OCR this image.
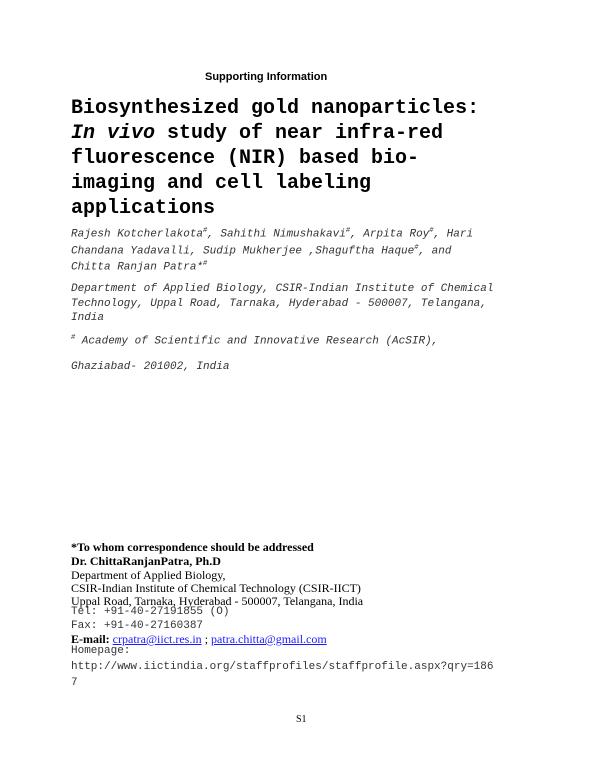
Supporting Information
Biosynthesized gold nanoparticles:
In vivo study of near infra-red
fluorescence (NIR) based bio-
imaging and cell labeling
applications
Rajesh Kotcherlakota#, Sahithi Nimushakavi#, Arpita Roy#, Hari
Chandana Yadavalli, Sudip Mukherjee ,Shaguftha Haque#, and
Chitta Ranjan Patra*#
Department of Applied Biology, CSIR-Indian Institute of Chemical
Technology, Uppal Road, Tarnaka, Hyderabad - 500007, Telangana,
India
# Academy of Scientific and Innovative Research (AcSIR),
Ghaziabad- 201002, India
*To whom correspondence should be addressed
Dr. ChittaRanjanPatra, Ph.D
Department of Applied Biology,
CSIR-Indian Institute of Chemical Technology (CSIR-IICT)
Uppal Road, Tarnaka, Hyderabad - 500007, Telangana, India
Tel: +91-40-27191855 (O)
Fax: +91-40-27160387
E-mail: crpatra@iict.res.in ; patra.chitta@gmail.com
Homepage:
http://www.iictindia.org/staffprofiles/staffprofile.aspx?qry=186
7
S1
